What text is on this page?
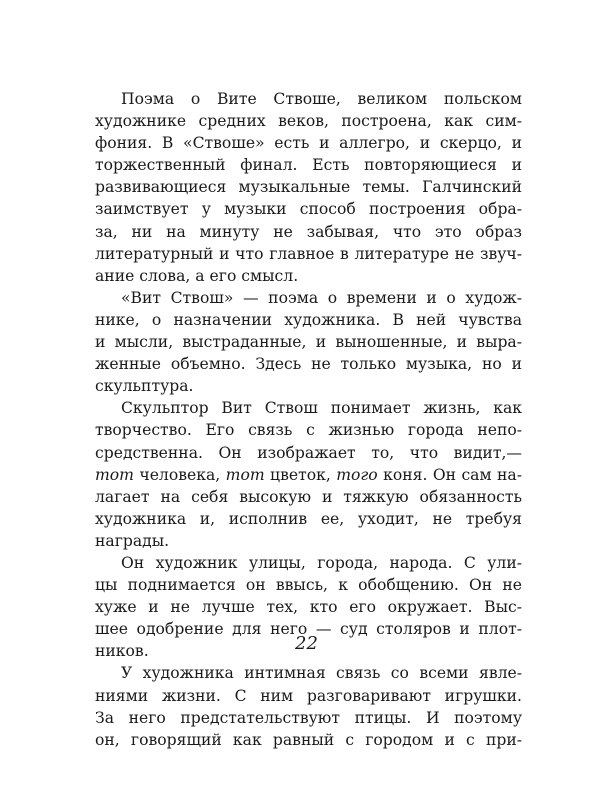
Поэма о Вите Ствоше, великом польском
художнике средних веков, построена, как сим-
фония. В «Ствоше» есть и аллегро, и скерцо, и
торжественный финал. Есть повторяющиеся и
развивающиеся музыкальные темы. Галчинский
заимствует у музыки способ построения обра-
за, ни на минуту не забывая, что это образ
литературный и что главное в литературе не звуч-
ание слова, а его смысл.
«Вит Ствош» — поэма о времени и о худож-
нике, о назначении художника. В ней чувства
и мысли, выстраданные, и выношенные, и выра-
женные объемно. Здесь не только музыка, но и
скульптура.
Скульптор Вит Ствош понимает жизнь, как
творчество. Его связь с жизнью города непо-
средственна. Он изображает то, что видит,—
тот человека, тот цветок, того коня. Он сам на-
лагает на себя высокую и тяжкую обязанность
художника и, исполнив ее, уходит, не требуя
награды.
Он художник улицы, города, народа. С ули-
цы поднимается он ввысь, к обобщению. Он не
хуже и не лучше тех, кто его окружает. Выс-
шее одобрение для него — суд столяров и плот-
ников.
У художника интимная связь со всеми явле-
ниями жизни. С ним разговаривают игрушки.
За него предстательствуют птицы. И поэтому
он, говорящий как равный с городом и с при-
22
